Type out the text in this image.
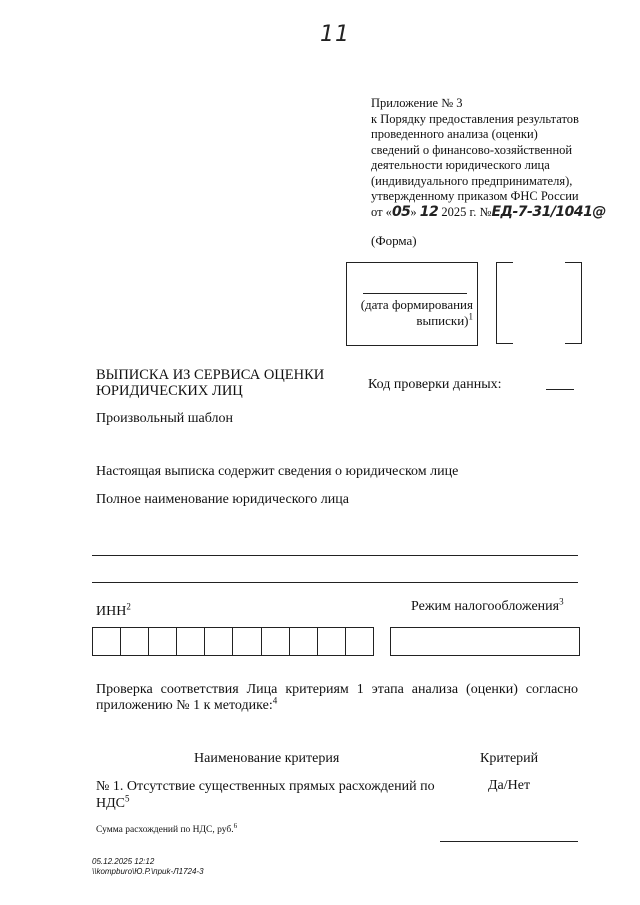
11
Приложение № 3
к Порядку предоставления результатов
проведенного анализа (оценки)
сведений о финансово-хозяйственной
деятельности юридического лица
(индивидуального предпринимателя),
утвержденному приказом ФНС России
от «05» 12 2025 г. №ЕД-7-31/1041@
(Форма)
(дата формирования
выписки)$^1$
ВЫПИСКА ИЗ СЕРВИСА ОЦЕНКИ
ЮРИДИЧЕСКИХ ЛИЦ	Код проверки данных:
Произвольный шаблон
Настоящая выписка содержит сведения о юридическом лице
Полное наименование юридического лица
ИНН$^2$	Режим налогообложения$^3$
Проверка соответствия Лица критериям 1 этапа анализа (оценки) согласно
приложению № 1 к методике:$^4$
Наименование критерия	Критерий
№ 1. Отсутствие существенных прямых расхождений по
НДС$^5$
Да/Нет
Сумма расхождений по НДС, руб.$^6$
05.12.2025 12:12
\\kompburo\Ю.Р.\приk-Л1724-3
